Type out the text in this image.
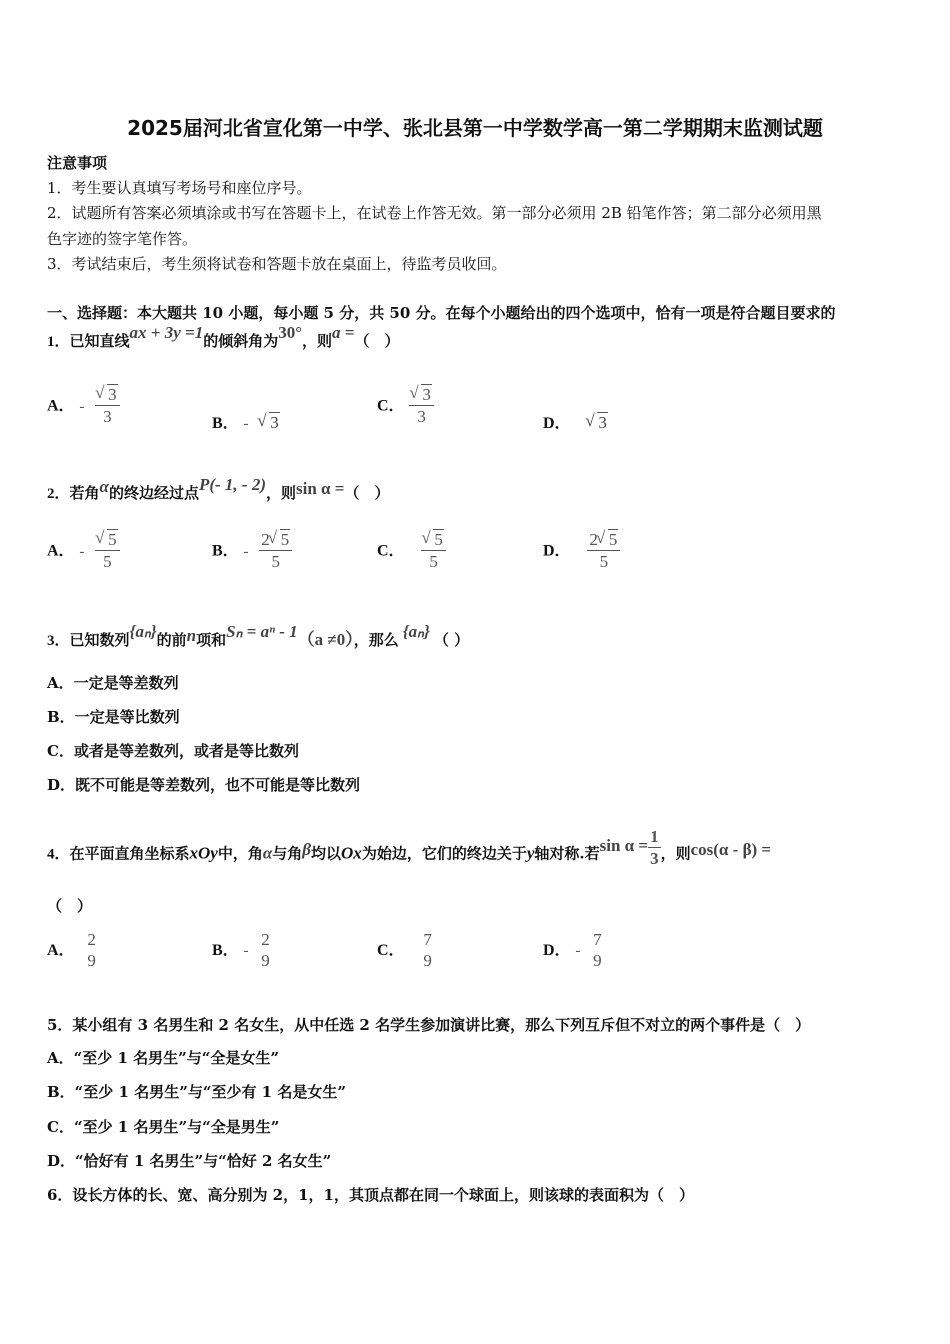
2025届河北省宣化第一中学、张北县第一中学数学高一第二学期期末监测试题
注意事项
1．考生要认真填写考场号和座位序号。
2．试题所有答案必须填涂或书写在答题卡上，在试卷上作答无效。第一部分必须用 2B 铅笔作答；第二部分必须用黑
色字迹的签字笔作答。
3．考试结束后，考生须将试卷和答题卡放在桌面上，待监考员收回。
一、选择题：本大题共 10 小题，每小题 5 分，共 50 分。在每个小题给出的四个选项中，恰有一项是符合题目要求的
1．已知直线ax + 3y =1的倾斜角为30°，则a =（　）
A． - √ $\frac{3}{3}$	B． - √ 3
C． √ $\frac{3}{3}$	D． √ 3
2．若角α的终边经过点P(- 1, - 2)，则sin α =（　）
A． - √ $\frac{5}{5}$	B． - $\frac{2 √ 5}{5}$	C． √ $\frac{5}{5}$	D． $\frac{2 √ 5}{5}$
3．已知数列{aₙ}的前n项和Sₙ = aⁿ - 1（a ≠0），那么 {aₙ} （ ）
A．一定是等差数列
B．一定是等比数列
C．或者是等差数列，或者是等比数列
D．既不可能是等差数列，也不可能是等比数列
4．在平面直角坐标系xOy中，角α与角β均以Ox为始边，它们的终边关于y轴对称.若$\sin \alpha = \frac{1}{3}$ ，则cos(α - β) =
（　）
A．
2
9
B． -
2
9
C．
7
9
D． -
7
9
5．某小组有 3 名男生和 2 名女生，从中任选 2 名学生参加演讲比赛，那么下列互斥但不对立的两个事件是（　）
A．“至少 1 名男生”与“全是女生”
B．“至少 1 名男生”与“至少有 1 名是女生”
C．“至少 1 名男生”与“全是男生”
D．“恰好有 1 名男生”与“恰好 2 名女生”
6．设长方体的长、宽、高分别为 2，1，1，其顶点都在同一个球面上，则该球的表面积为（　）
